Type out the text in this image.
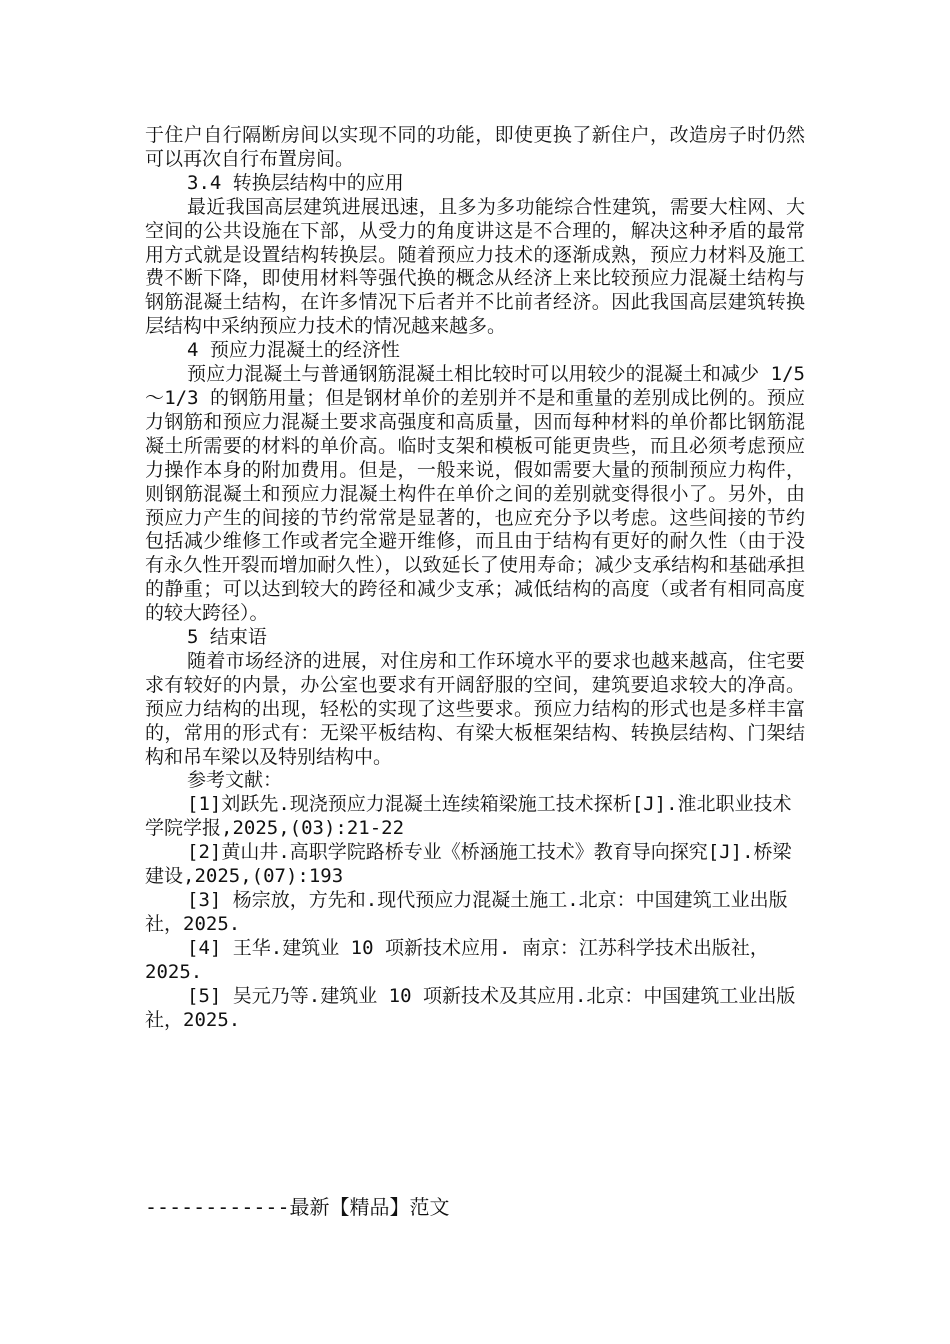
于住户自行隔断房间以实现不同的功能，即使更换了新住户，改造房子时仍然可以再次自行布置房间。

3.4 转换层结构中的应用

最近我国高层建筑进展迅速，且多为多功能综合性建筑，需要大柱网、大空间的公共设施在下部，从受力的角度讲这是不合理的，解决这种矛盾的最常用方式就是设置结构转换层。随着预应力技术的逐渐成熟，预应力材料及施工费不断下降，即使用材料等强代换的概念从经济上来比较预应力混凝土结构与钢筋混凝土结构，在许多情况下后者并不比前者经济。因此我国高层建筑转换层结构中采纳预应力技术的情况越来越多。

4 预应力混凝土的经济性

预应力混凝土与普通钢筋混凝土相比较时可以用较少的混凝土和减少 1/5～1/3 的钢筋用量；但是钢材单价的差别并不是和重量的差别成比例的。预应力钢筋和预应力混凝土要求高强度和高质量，因而每种材料的单价都比钢筋混凝土所需要的材料的单价高。临时支架和模板可能更贵些，而且必须考虑预应力操作本身的附加费用。但是，一般来说，假如需要大量的预制预应力构件，则钢筋混凝土和预应力混凝土构件在单价之间的差别就变得很小了。另外，由预应力产生的间接的节约常常是显著的，也应充分予以考虑。这些间接的节约包括减少维修工作或者完全避开维修，而且由于结构有更好的耐久性（由于没有永久性开裂而增加耐久性），以致延长了使用寿命；减少支承结构和基础承担的静重；可以达到较大的跨径和减少支承；减低结构的高度（或者有相同高度的较大跨径）。

5 结束语

随着市场经济的进展，对住房和工作环境水平的要求也越来越高，住宅要求有较好的内景，办公室也要求有开阔舒服的空间，建筑要追求较大的净高。预应力结构的出现，轻松的实现了这些要求。预应力结构的形式也是多样丰富的，常用的形式有：无梁平板结构、有梁大板框架结构、转换层结构、门架结构和吊车梁以及特别结构中。

参考文献：

[1]刘跃先.现浇预应力混凝土连续箱梁施工技术探析[J].淮北职业技术学院学报,2025,(03):21-22

[2]黄山井.高职学院路桥专业《桥涵施工技术》教育导向探究[J].桥梁建设,2025,(07):193

[3] 杨宗放，方先和.现代预应力混凝土施工.北京：中国建筑工业出版社，2025.

[4] 王华.建筑业 10 项新技术应用. 南京：江苏科学技术出版社，2025.

[5] 吴元乃等.建筑业 10 项新技术及其应用.北京：中国建筑工业出版社，2025.

------------最新【精品】范文
